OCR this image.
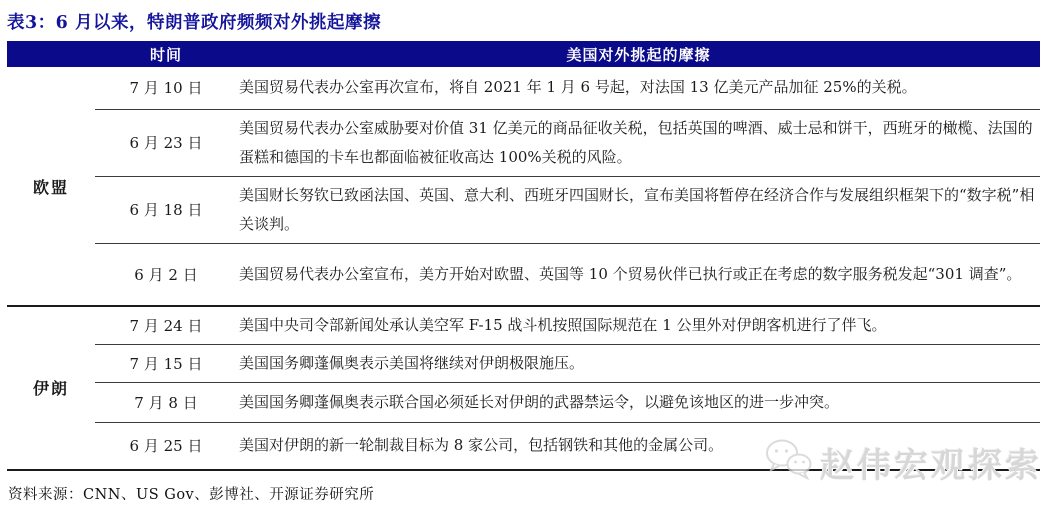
表3：6 月以来，特朗普政府频频对外挑起摩擦
	时间	美国对外挑起的摩擦
欧盟	7 月 10 日	美国贸易代表办公室再次宣布，将自 2021 年 1 月 6 号起，对法国 13 亿美元产品加征 25%的关税。
	6 月 23 日	美国贸易代表办公室威胁要对价值 31 亿美元的商品征收关税，包括英国的啤酒、威士忌和饼干，西班牙的橄榄、法国的蛋糕和德国的卡车也都面临被征收高达 100%关税的风险。
	6 月 18 日	美国财长努钦已致函法国、英国、意大利、西班牙四国财长，宣布美国将暂停在经济合作与发展组织框架下的“数字税”相关谈判。
	6 月 2 日	美国贸易代表办公室宣布，美方开始对欧盟、英国等 10 个贸易伙伴已执行或正在考虑的数字服务税发起“301 调查”。
伊朗	7 月 24 日	美国中央司令部新闻处承认美空军 F-15 战斗机按照国际规范在 1 公里外对伊朗客机进行了伴飞。
	7 月 15 日	美国国务卿蓬佩奥表示美国将继续对伊朗极限施压。
	7 月 8 日	美国国务卿蓬佩奥表示联合国必须延长对伊朗的武器禁运令，以避免该地区的进一步冲突。
	6 月 25 日	美国对伊朗的新一轮制裁目标为 8 家公司，包括钢铁和其他的金属公司。
资料来源：CNN、US Gov、彭博社、开源证券研究所
赵伟宏观探索
